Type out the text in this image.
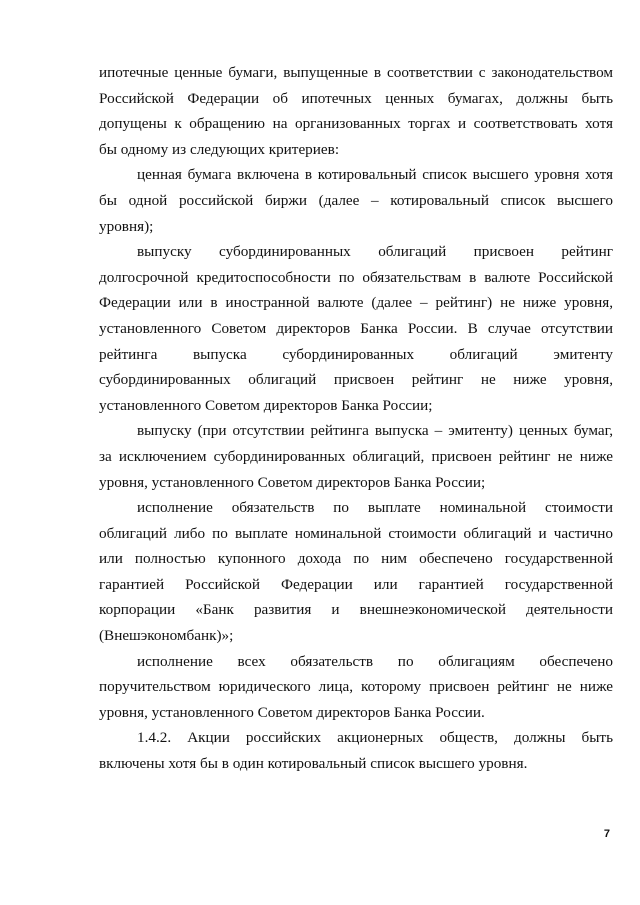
ипотечные ценные бумаги, выпущенные в соответствии с законодательством
Российской Федерации об ипотечных ценных бумагах, должны быть
допущены к обращению на организованных торгах и соответствовать хотя
бы одному из следующих критериев:

ценная бумага включена в котировальный список высшего уровня хотя
бы одной российской биржи (далее – котировальный список высшего
уровня);

выпуску субординированных облигаций присвоен рейтинг
долгосрочной кредитоспособности по обязательствам в валюте Российской
Федерации или в иностранной валюте (далее – рейтинг) не ниже уровня,
установленного Советом директоров Банка России. В случае отсутствии
рейтинга выпуска субординированных облигаций эмитенту
субординированных облигаций присвоен рейтинг не ниже уровня,
установленного Советом директоров Банка России;

выпуску (при отсутствии рейтинга выпуска – эмитенту) ценных бумаг,
за исключением субординированных облигаций, присвоен рейтинг не ниже
уровня, установленного Советом директоров Банка России;

исполнение обязательств по выплате номинальной стоимости
облигаций либо по выплате номинальной стоимости облигаций и частично
или полностью купонного дохода по ним обеспечено государственной
гарантией Российской Федерации или гарантией государственной
корпорации «Банк развития и внешнеэкономической деятельности
(Внешэкономбанк)»;

исполнение всех обязательств по облигациям обеспечено
поручительством юридического лица, которому присвоен рейтинг не ниже
уровня, установленного Советом директоров Банка России.

1.4.2. Акции российских акционерных обществ, должны быть
включены хотя бы в один котировальный список высшего уровня.

7
